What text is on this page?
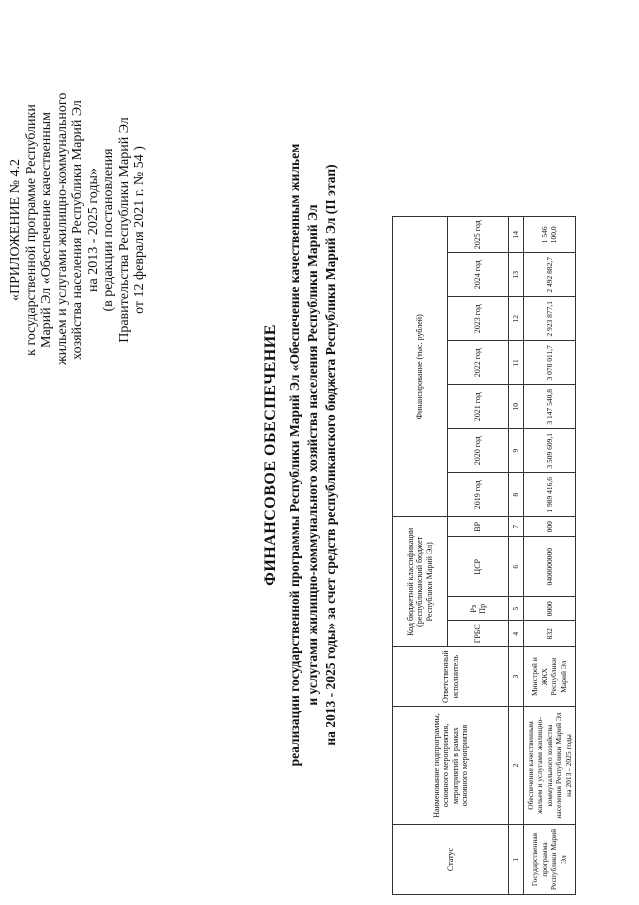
«ПРИЛОЖЕНИЕ № 4.2 к государственной программе Республики Марий Эл «Обеспечение качественным жильем и услугами жилищно-коммунального хозяйства населения Республики Марий Эл на 2013 - 2025 годы» (в редакции постановления Правительства Республики Марий Эл от 12 февраля 2021 г. № 54 )
ФИНАНСОВОЕ ОБЕСПЕЧЕНИЕ реализации государственной программы Республики Марий Эл «Обеспечение качественным жильем и услугами жилищно-коммунального хозяйства населения Республики Марий Эл на 2013 - 2025 годы» за счет средств республиканского бюджета Республики Марий Эл (II этап)
Статус	Наименование подпрограммы, основного мероприятия, мероприятий в рамках основного мероприятия	Ответственный исполнитель	Код бюджетной классификации (республиканский бюджет Республики Марий Эл)				Финансирование (тыс. рублей)						
			ГРБС	Рз Пр	ЦСР	ВР	2019 год	2020 год	2021 год	2022 год	2023 год	2024 год	2025 год
1	2	3	4	5	6	7	8	9	10	11	12	13	14
Государственная программа Республики Марий Эл	Обеспечение качественным жильем и услугами жилищно-коммунального хозяйства населения Республики Марий Эл на 2013 - 2025 годы	Минстрой и ЖКХ Республики Марий Эл	832	0000	0400000000	000	1 989 416,6	3 509 609,1	3 147 540,8	3 078 011,7	2 923 877,1	2 492 882,7	1 546 100,0
